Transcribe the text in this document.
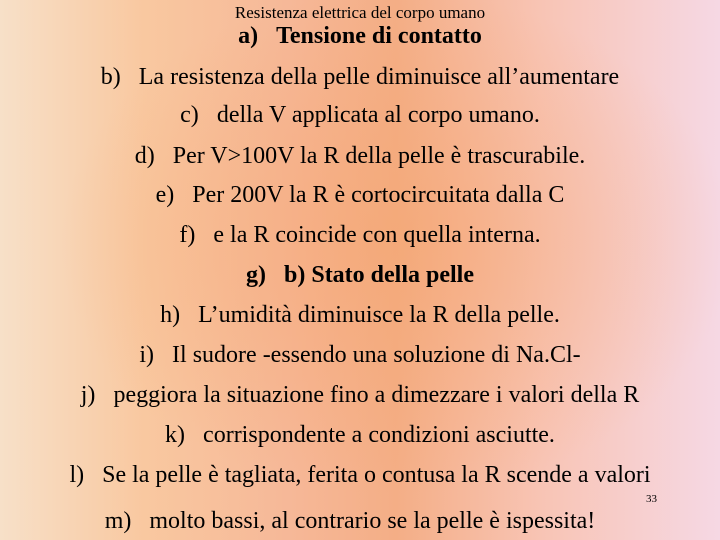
Resistenza elettrica del corpo umano
a) Tensione di contatto
b) La resistenza della pelle diminuisce all’aumentare
c) della V applicata al corpo umano.
d) Per V>100V la R della pelle è trascurabile.
e) Per 200V la R è cortocircuitata dalla C
f) e la R coincide con quella interna.
g) b) Stato della pelle
h) L’umidità diminuisce la R della pelle.
i) Il sudore -essendo una soluzione di Na.Cl-
j) peggiora la situazione fino a dimezzare i valori della R
k) corrispondente a condizioni asciutte.
l) Se la pelle è tagliata, ferita o contusa la R scende a valori
m) molto bassi, al contrario se la pelle è ispessita!
33
